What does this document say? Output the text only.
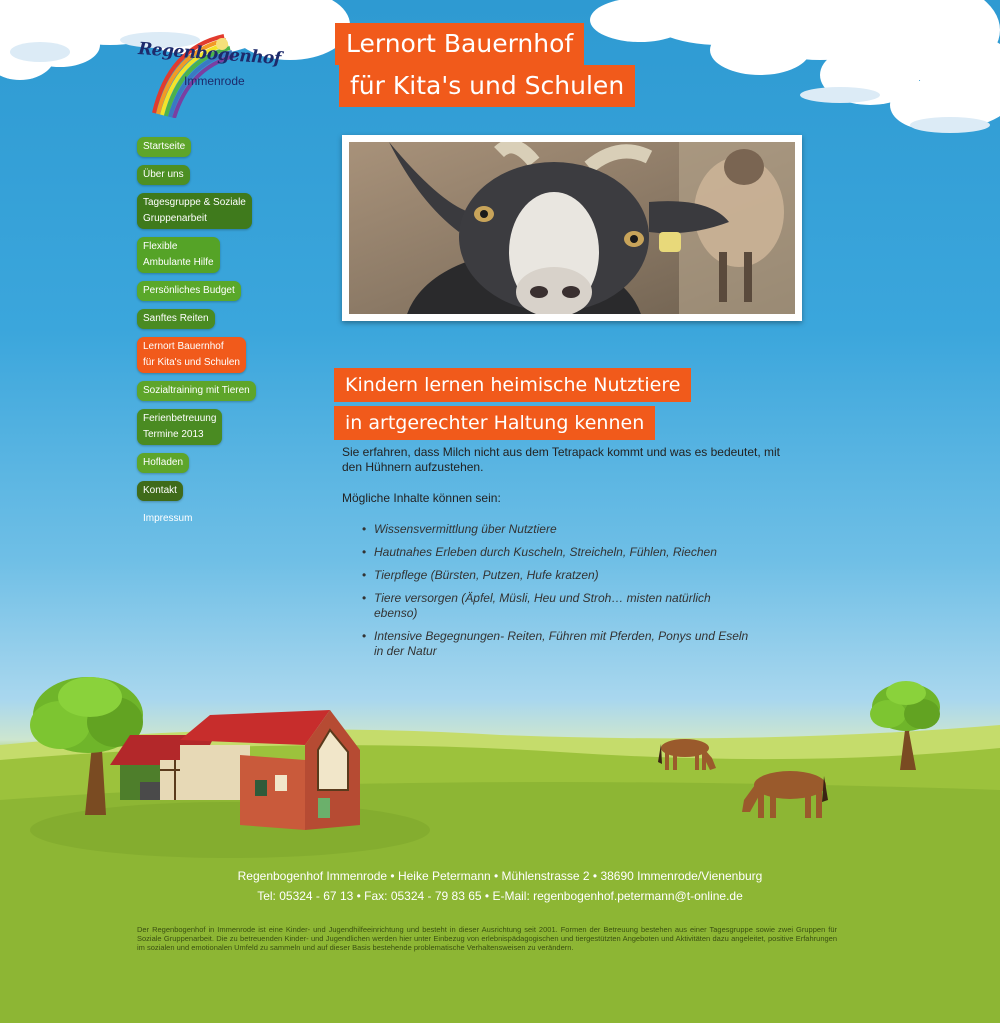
Regenbogenhof
Immenrode
Startseite
Über uns
Tagesgruppe & Soziale
Gruppenarbeit
Flexible
Ambulante Hilfe
Persönliches Budget
Sanftes Reiten
Lernort Bauernhof
für Kita's und Schulen
Sozialtraining mit Tieren
Ferienbetreuung
Termine 2013
Hofladen
Kontakt
Impressum
Lernort Bauernhof
für Kita's und Schulen
Kindern lernen heimische Nutztiere
in artgerechter Haltung kennen

Sie erfahren, dass Milch nicht aus dem Tetrapack kommt und was es bedeutet, mit den Hühnern aufzustehen.

Mögliche Inhalte können sein:

• Wissensvermittlung über Nutztiere
• Hautnahes Erleben durch Kuscheln, Streicheln, Fühlen, Riechen
• Tierpflege (Bürsten, Putzen, Hufe kratzen)
• Tiere versorgen (Äpfel, Müsli, Heu und Stroh… misten natürlich ebenso)
• Intensive Begegnungen- Reiten, Führen mit Pferden, Ponys und Eseln in der Natur
Regenbogenhof Immenrode • Heike Petermann • Mühlenstrasse 2 • 38690 Immenrode/Vienenburg
Tel: 05324 - 67 13 • Fax: 05324 - 79 83 65 • E-Mail: regenbogenhof.petermann@t-online.de
Der Regenbogenhof in Immenrode ist eine Kinder- und Jugendhilfeeinrichtung und besteht in dieser Ausrichtung seit 2001. Formen der Betreuung bestehen aus einer Tagesgruppe sowie zwei Gruppen für Soziale Gruppenarbeit. Die zu betreuenden Kinder- und Jugendlichen werden hier unter Einbezug von erlebnispädagogischen und tiergestützten Angeboten und Aktivitäten dazu angeleitet, positive Erfahrungen im sozialen und emotionalen Umfeld zu sammeln und auf dieser Basis bestehende problematische Verhaltensweisen zu verändern.
